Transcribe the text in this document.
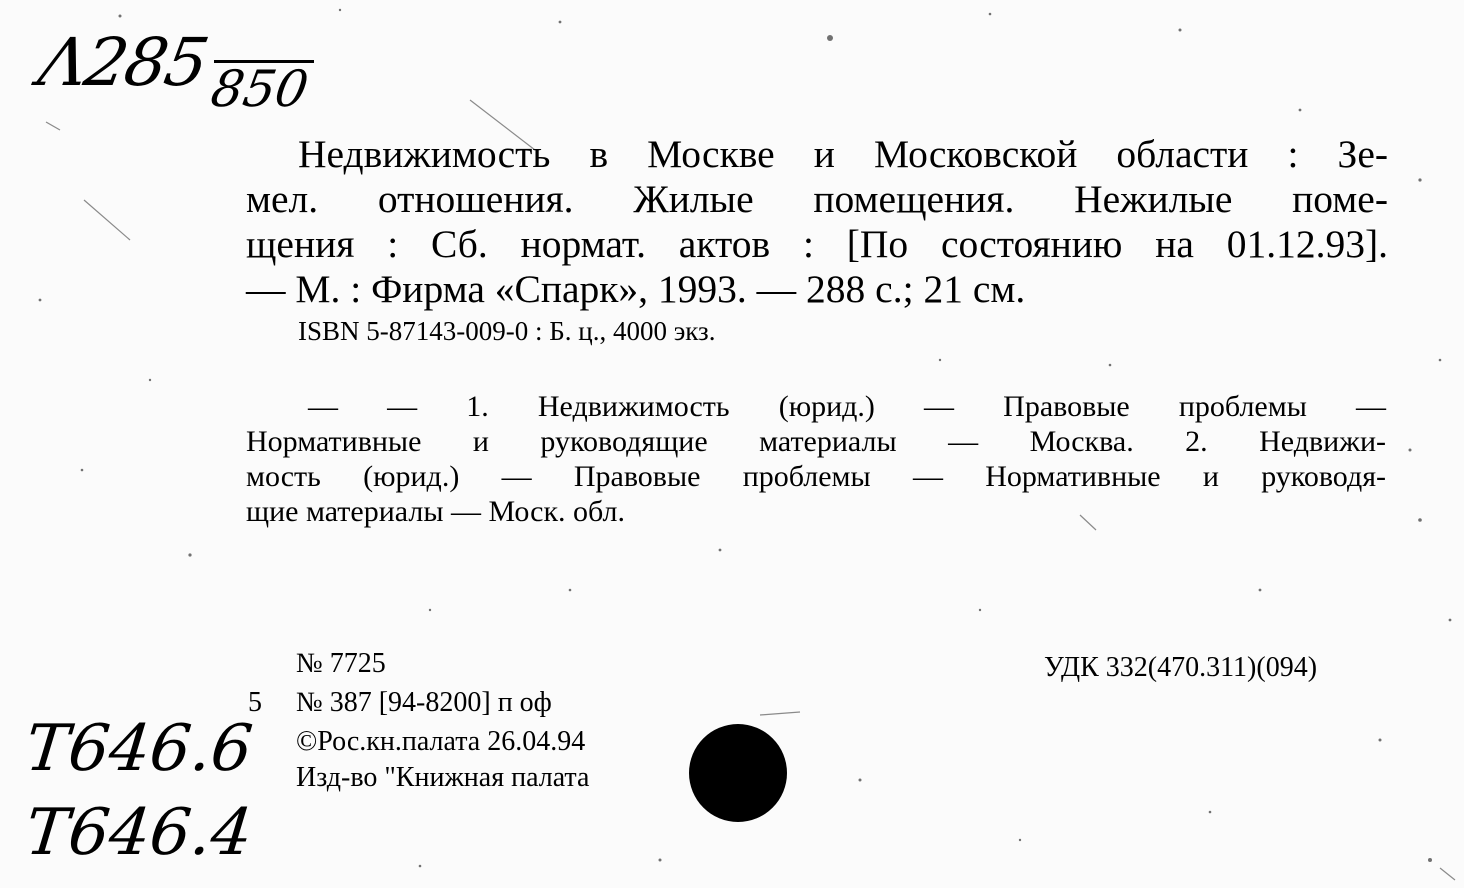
Λ285
850
Недвижимость в Москве и Московской области : Зе-
мел. отношения. Жилые помещения. Нежилые поме-
щения : Сб. нормат. актов : [По состоянию на 01.12.93].
— М. : Фирма «Спарк», 1993. — 288 с.; 21 см.
ISBN 5-87143-009-0 : Б. ц., 4000 экз.
— — 1. Недвижимость (юрид.) — Правовые проблемы —
Нормативные и руководящие материалы — Москва. 2. Недвижи-
мость (юрид.) — Правовые проблемы — Нормативные и руководя-
щие материалы — Моск. обл.
№ 7725
5 № 387 [94-8200] п оф
©Рос.кн.палата 26.04.94
Изд-во "Книжная палата
УДК 332(470.311)(094)
T646.6
T646.4
